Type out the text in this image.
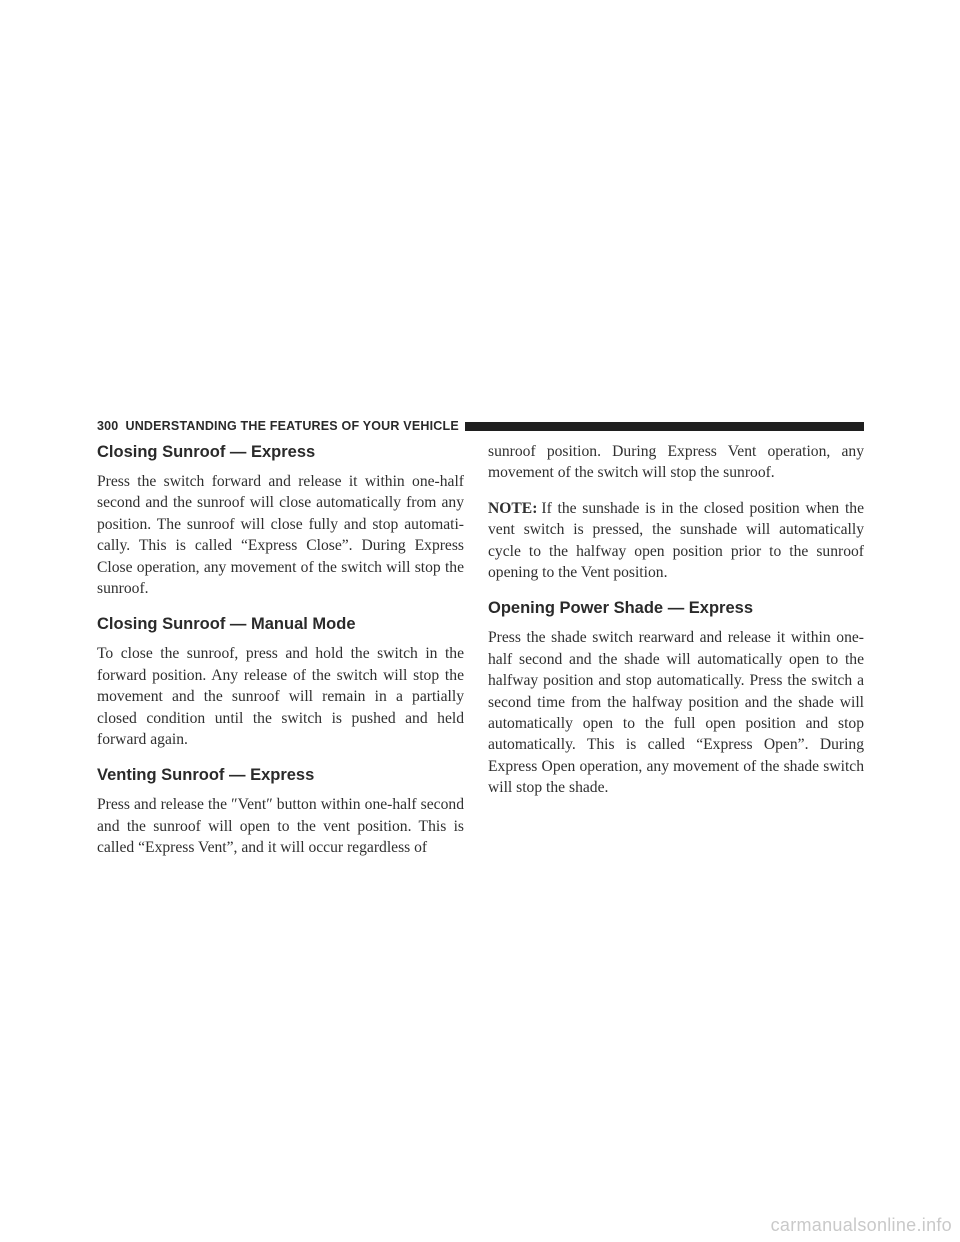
300 UNDERSTANDING THE FEATURES OF YOUR VEHICLE
Closing Sunroof — Express

Press the switch forward and release it within one-half second and the sunroof will close automatically from any position. The sunroof will close fully and stop automatically. This is called “Express Close”. During Express Close operation, any movement of the switch will stop the sunroof.

Closing Sunroof — Manual Mode

To close the sunroof, press and hold the switch in the forward position. Any release of the switch will stop the movement and the sunroof will remain in a partially closed condition until the switch is pushed and held forward again.

Venting Sunroof — Express

Press and release the ″Vent″ button within one-half second and the sunroof will open to the vent position. This is called “Express Vent”, and it will occur regardless of

sunroof position. During Express Vent operation, any movement of the switch will stop the sunroof.

NOTE: If the sunshade is in the closed position when the vent switch is pressed, the sunshade will automatically cycle to the halfway open position prior to the sunroof opening to the Vent position.

Opening Power Shade — Express

Press the shade switch rearward and release it within one-half second and the shade will automatically open to the halfway position and stop automatically. Press the switch a second time from the halfway position and the shade will automatically open to the full open position and stop automatically. This is called “Express Open”. During Express Open operation, any movement of the shade switch will stop the shade.

carmanualsonline.info
